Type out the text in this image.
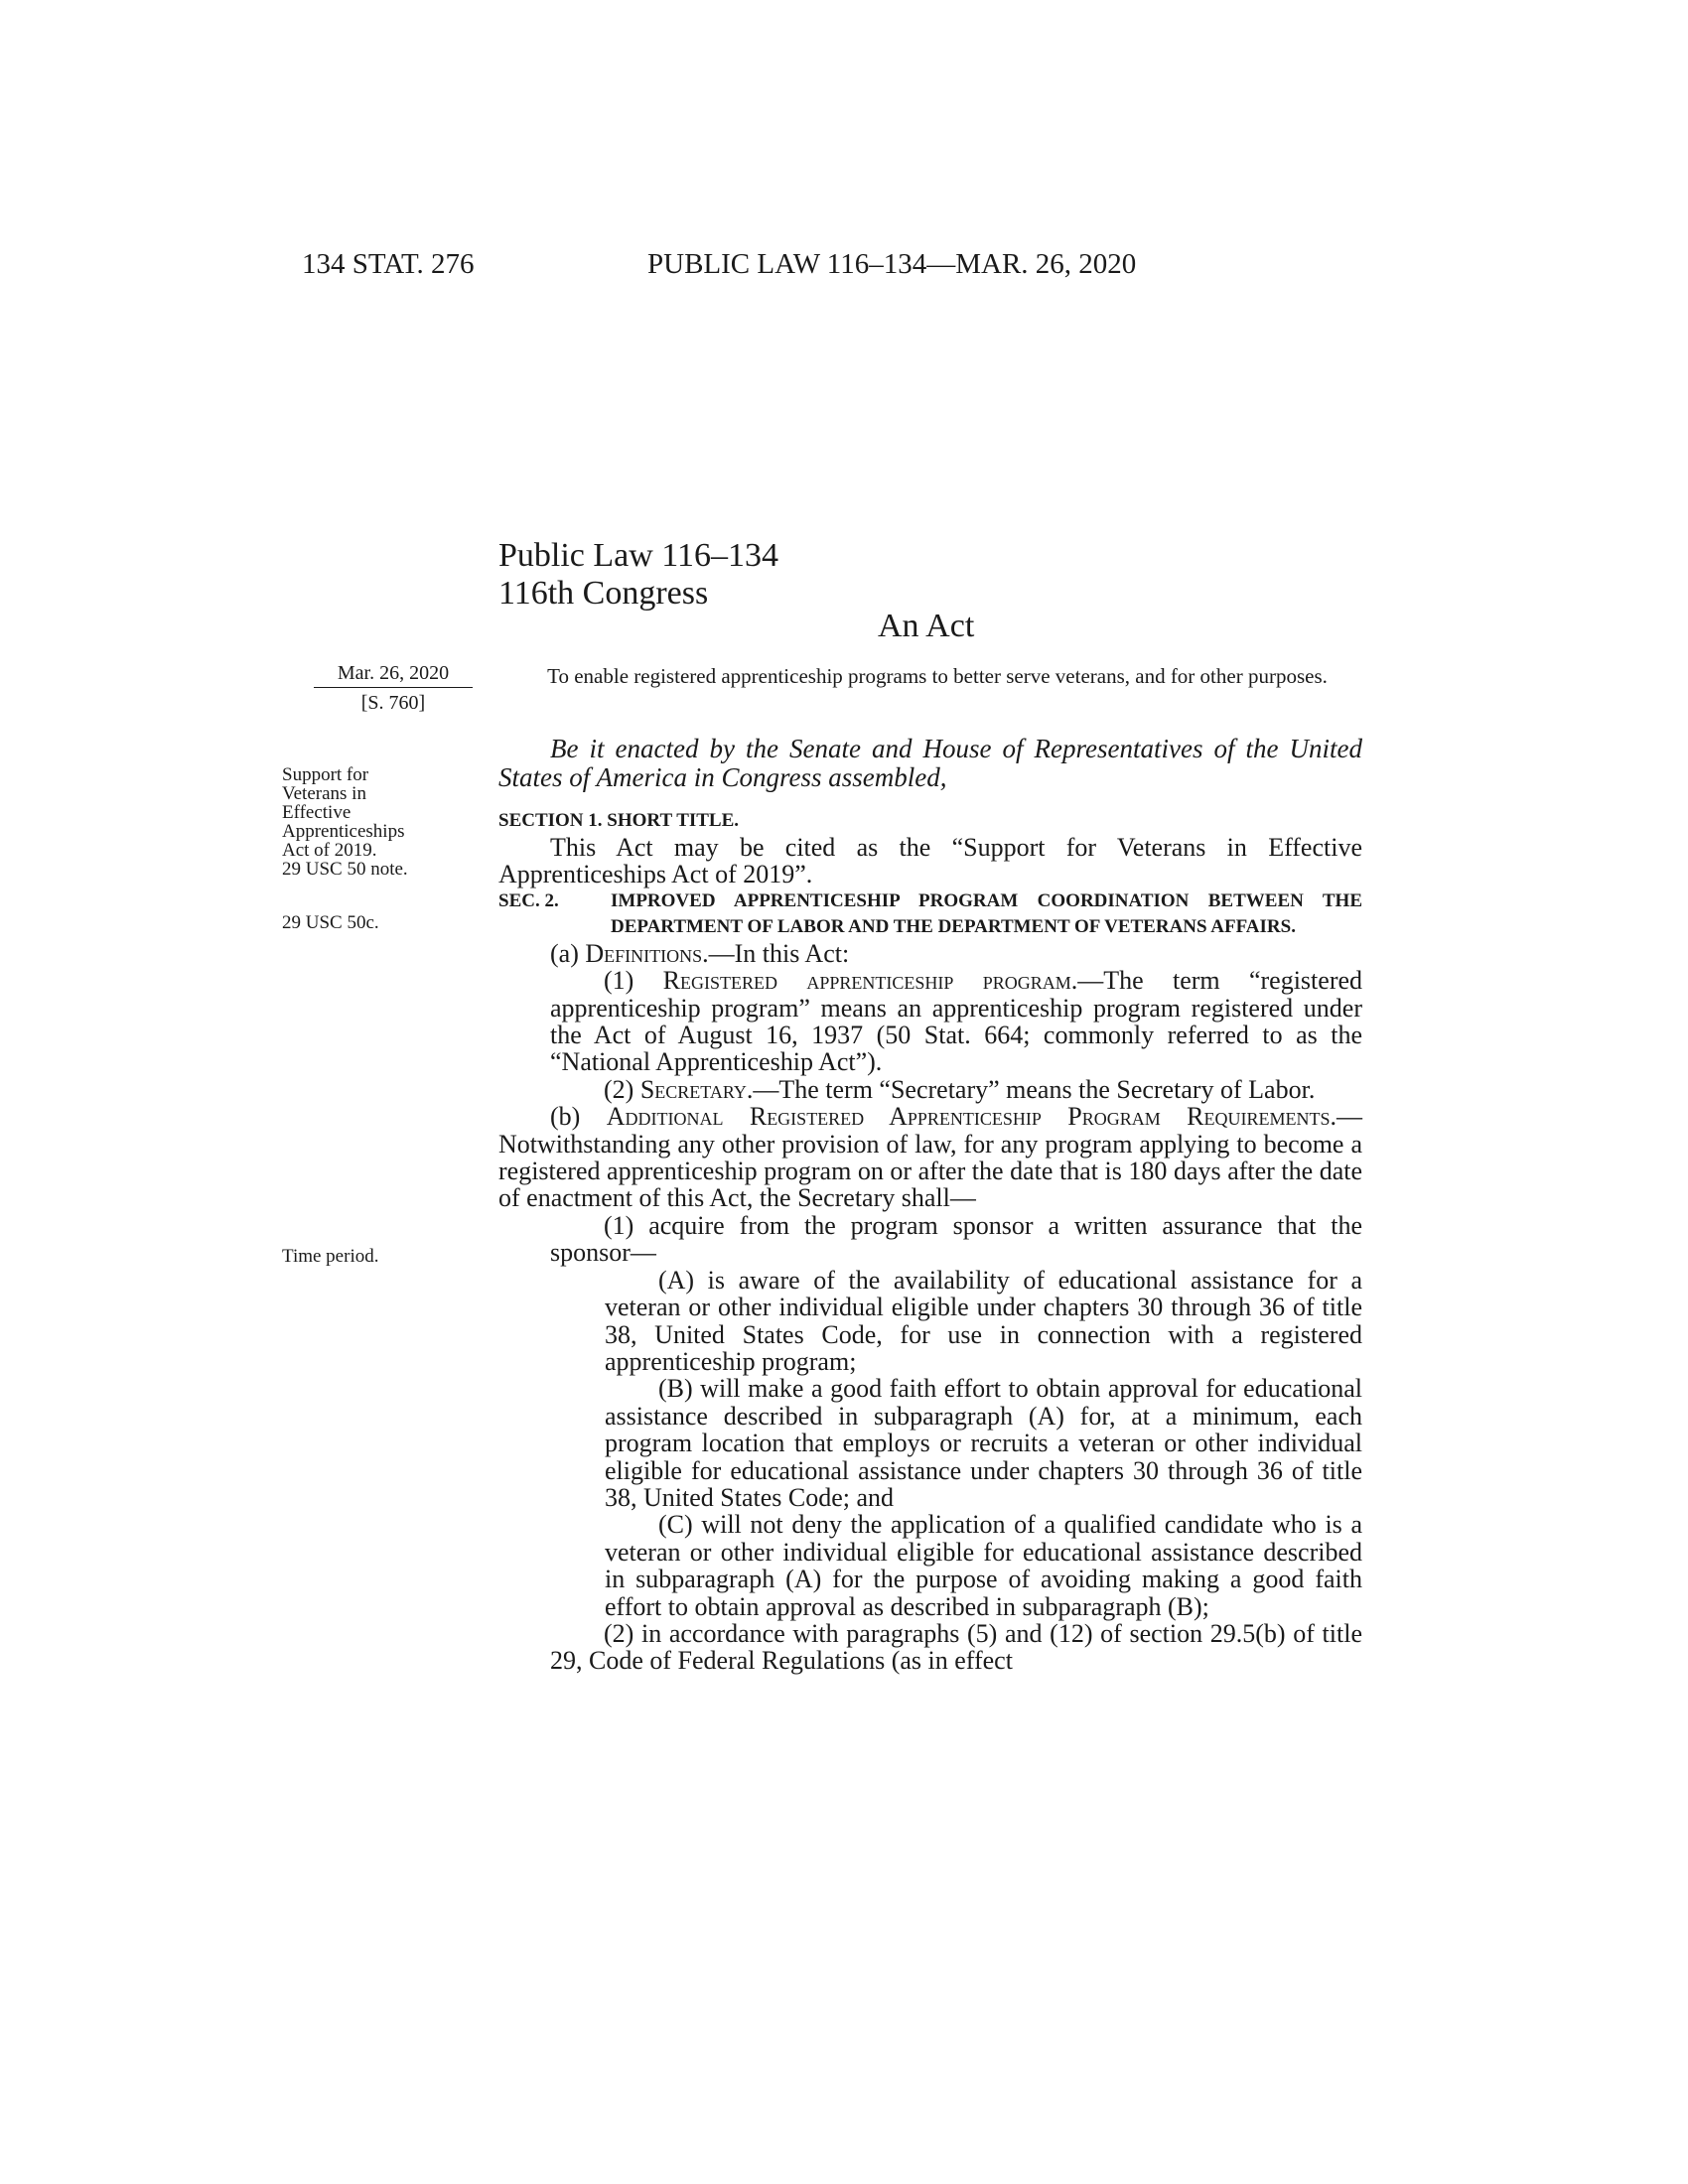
134 STAT. 276	PUBLIC LAW 116–134—MAR. 26, 2020
Public Law 116–134
116th Congress
An Act
Mar. 26, 2020
[S. 760]
Support for
Veterans in
Effective
Apprenticeships
Act of 2019.
29 USC 50 note.
29 USC 50c.
Time period.
To enable registered apprenticeship programs to better serve veterans, and for other purposes.

Be it enacted by the Senate and House of Representatives of the United States of America in Congress assembled,

SECTION 1. SHORT TITLE.

This Act may be cited as the “Support for Veterans in Effective Apprenticeships Act of 2019”.

SEC. 2.	IMPROVED APPRENTICESHIP PROGRAM COORDINATION BETWEEN THE DEPARTMENT OF LABOR AND THE DEPARTMENT OF VETERANS AFFAIRS.

(a) Definitions.—In this Act:

(1) Registered apprenticeship program.—The term “registered apprenticeship program” means an apprenticeship program registered under the Act of August 16, 1937 (50 Stat. 664; commonly referred to as the “National Apprenticeship Act”).

(2) Secretary.—The term “Secretary” means the Secretary of Labor.

(b) Additional Registered Apprenticeship Program Requirements.—Notwithstanding any other provision of law, for any program applying to become a registered apprenticeship program on or after the date that is 180 days after the date of enactment of this Act, the Secretary shall—

(1) acquire from the program sponsor a written assurance that the sponsor—

(A) is aware of the availability of educational assistance for a veteran or other individual eligible under chapters 30 through 36 of title 38, United States Code, for use in connection with a registered apprenticeship program;

(B) will make a good faith effort to obtain approval for educational assistance described in subparagraph (A) for, at a minimum, each program location that employs or recruits a veteran or other individual eligible for educational assistance under chapters 30 through 36 of title 38, United States Code; and

(C) will not deny the application of a qualified candidate who is a veteran or other individual eligible for educational assistance described in subparagraph (A) for the purpose of avoiding making a good faith effort to obtain approval as described in subparagraph (B);

(2) in accordance with paragraphs (5) and (12) of section 29.5(b) of title 29, Code of Federal Regulations (as in effect
